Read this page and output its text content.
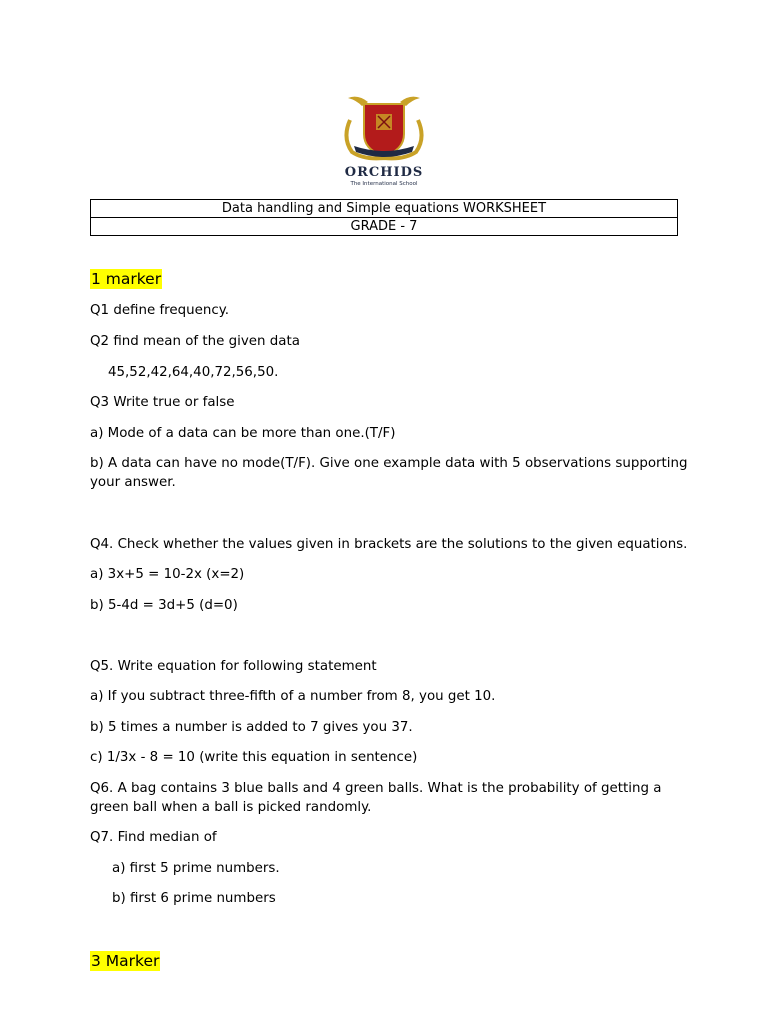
ORCHIDS
The International School
Data handling and Simple equations WORKSHEET
GRADE - 7
1 marker
Q1 define frequency.
Q2 find mean of the given data
45,52,42,64,40,72,56,50.
Q3 Write true or false
a) Mode of a data can be more than one.(T/F)
b) A data can have no mode(T/F). Give one example data with 5 observations supporting your answer.
Q4. Check whether the values given in brackets are the solutions to the given equations.
a) 3x+5 = 10-2x (x=2)
b) 5-4d = 3d+5 (d=0)
Q5. Write equation for following statement
a) If you subtract three-fifth of a number from 8, you get 10.
b) 5 times a number is added to 7 gives you 37.
c) 1/3x - 8 = 10 (write this equation in sentence)
Q6. A bag contains 3 blue balls and 4 green balls. What is the probability of getting a green ball when a ball is picked randomly.
Q7. Find median of
a) first 5 prime numbers.
b) first 6 prime numbers
3 Marker
